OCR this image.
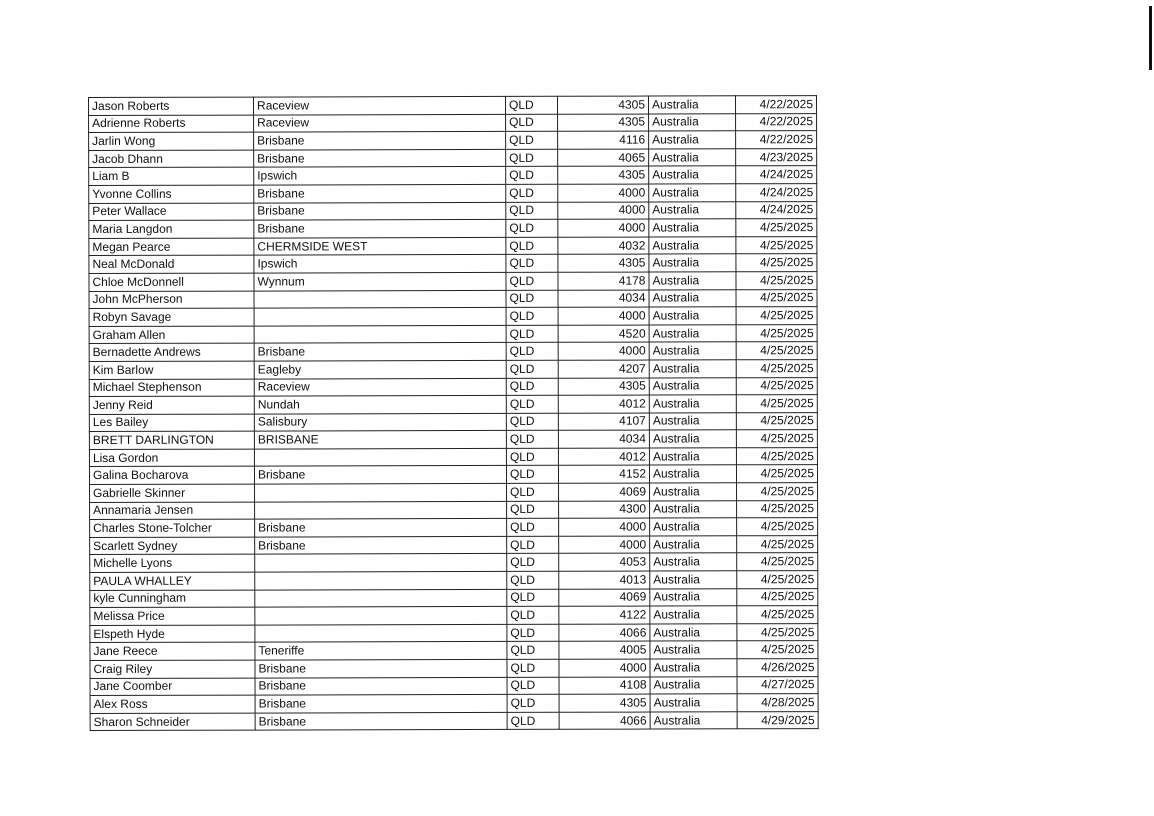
Jason Roberts	Raceview	QLD	4305	Australia	4/22/2025
Adrienne Roberts	Raceview	QLD	4305	Australia	4/22/2025
Jarlin Wong	Brisbane	QLD	4116	Australia	4/22/2025
Jacob Dhann	Brisbane	QLD	4065	Australia	4/23/2025
Liam B	Ipswich	QLD	4305	Australia	4/24/2025
Yvonne Collins	Brisbane	QLD	4000	Australia	4/24/2025
Peter Wallace	Brisbane	QLD	4000	Australia	4/24/2025
Maria Langdon	Brisbane	QLD	4000	Australia	4/25/2025
Megan Pearce	CHERMSIDE WEST	QLD	4032	Australia	4/25/2025
Neal McDonald	Ipswich	QLD	4305	Australia	4/25/2025
Chloe McDonnell	Wynnum	QLD	4178	Australia	4/25/2025
John McPherson		QLD	4034	Australia	4/25/2025
Robyn Savage		QLD	4000	Australia	4/25/2025
Graham Allen		QLD	4520	Australia	4/25/2025
Bernadette Andrews	Brisbane	QLD	4000	Australia	4/25/2025
Kim Barlow	Eagleby	QLD	4207	Australia	4/25/2025
Michael Stephenson	Raceview	QLD	4305	Australia	4/25/2025
Jenny Reid	Nundah	QLD	4012	Australia	4/25/2025
Les Bailey	Salisbury	QLD	4107	Australia	4/25/2025
BRETT DARLINGTON	BRISBANE	QLD	4034	Australia	4/25/2025
Lisa Gordon		QLD	4012	Australia	4/25/2025
Galina Bocharova	Brisbane	QLD	4152	Australia	4/25/2025
Gabrielle Skinner		QLD	4069	Australia	4/25/2025
Annamaria Jensen		QLD	4300	Australia	4/25/2025
Charles Stone-Tolcher	Brisbane	QLD	4000	Australia	4/25/2025
Scarlett Sydney	Brisbane	QLD	4000	Australia	4/25/2025
Michelle Lyons		QLD	4053	Australia	4/25/2025
PAULA WHALLEY		QLD	4013	Australia	4/25/2025
kyle Cunningham		QLD	4069	Australia	4/25/2025
Melissa Price		QLD	4122	Australia	4/25/2025
Elspeth Hyde		QLD	4066	Australia	4/25/2025
Jane Reece	Teneriffe	QLD	4005	Australia	4/25/2025
Craig Riley	Brisbane	QLD	4000	Australia	4/26/2025
Jane Coomber	Brisbane	QLD	4108	Australia	4/27/2025
Alex Ross	Brisbane	QLD	4305	Australia	4/28/2025
Sharon Schneider	Brisbane	QLD	4066	Australia	4/29/2025
